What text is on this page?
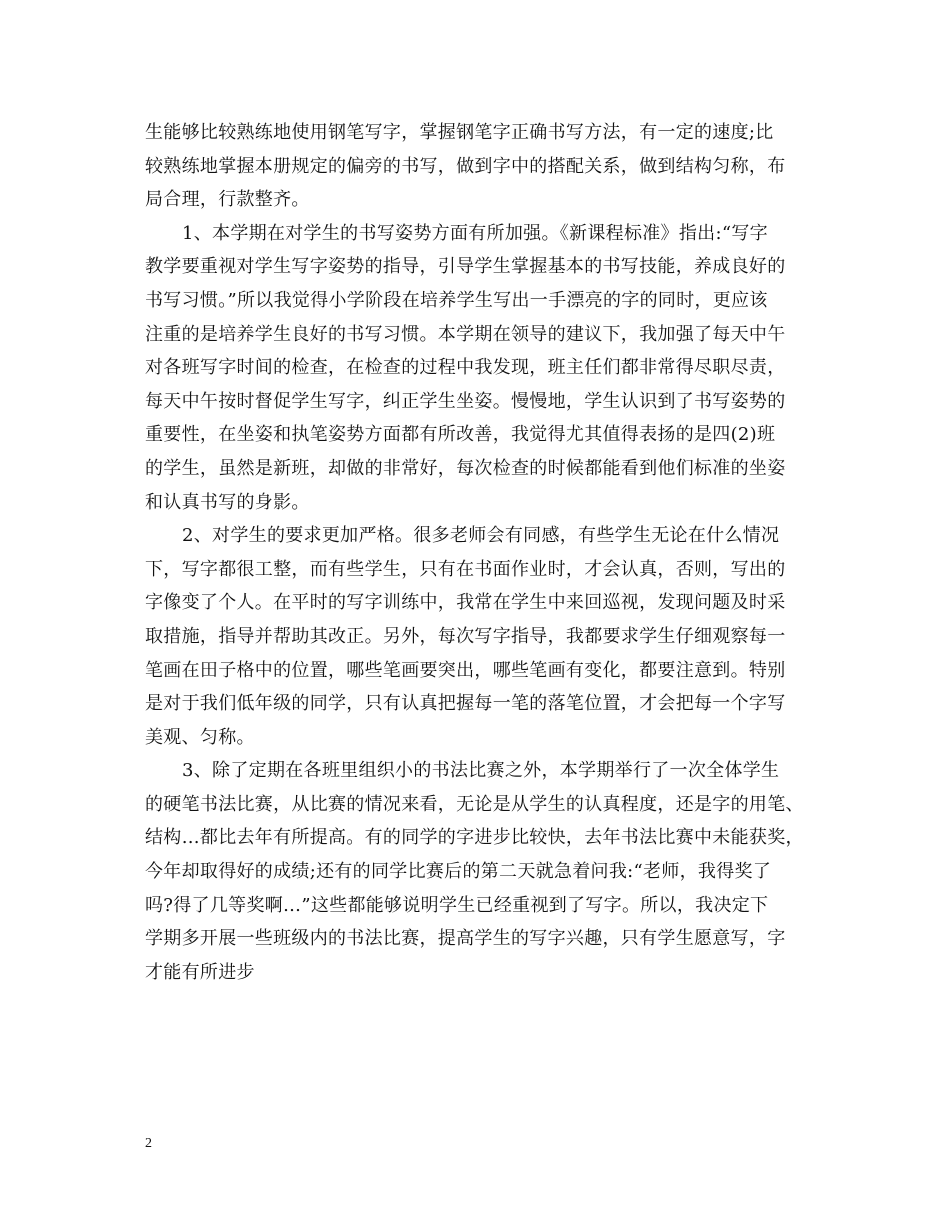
生能够比较熟练地使用钢笔写字，掌握钢笔字正确书写方法，有一定的速度;比
较熟练地掌握本册规定的偏旁的书写，做到字中的搭配关系，做到结构匀称，布
局合理，行款整齐。

1、本学期在对学生的书写姿势方面有所加强。《新课程标准》指出:“写字
教学要重视对学生写字姿势的指导，引导学生掌握基本的书写技能，养成良好的
书写习惯。”所以我觉得小学阶段在培养学生写出一手漂亮的字的同时，更应该
注重的是培养学生良好的书写习惯。本学期在领导的建议下，我加强了每天中午
对各班写字时间的检查，在检查的过程中我发现，班主任们都非常得尽职尽责，
每天中午按时督促学生写字，纠正学生坐姿。慢慢地，学生认识到了书写姿势的
重要性，在坐姿和执笔姿势方面都有所改善，我觉得尤其值得表扬的是四(2)班
的学生，虽然是新班，却做的非常好，每次检查的时候都能看到他们标准的坐姿
和认真书写的身影。

2、对学生的要求更加严格。很多老师会有同感，有些学生无论在什么情况
下，写字都很工整，而有些学生，只有在书面作业时，才会认真，否则，写出的
字像变了个人。在平时的写字训练中，我常在学生中来回巡视，发现问题及时采
取措施，指导并帮助其改正。另外，每次写字指导，我都要求学生仔细观察每一
笔画在田子格中的位置，哪些笔画要突出，哪些笔画有变化，都要注意到。特别
是对于我们低年级的同学，只有认真把握每一笔的落笔位置，才会把每一个字写
美观、匀称。

3、除了定期在各班里组织小的书法比赛之外，本学期举行了一次全体学生
的硬笔书法比赛，从比赛的情况来看，无论是从学生的认真程度，还是字的用笔、
结构…都比去年有所提高。有的同学的字进步比较快，去年书法比赛中未能获奖，
今年却取得好的成绩;还有的同学比赛后的第二天就急着问我:“老师，我得奖了
吗?得了几等奖啊…”这些都能够说明学生已经重视到了写字。所以，我决定下
学期多开展一些班级内的书法比赛，提高学生的写字兴趣，只有学生愿意写，字
才能有所进步

2
